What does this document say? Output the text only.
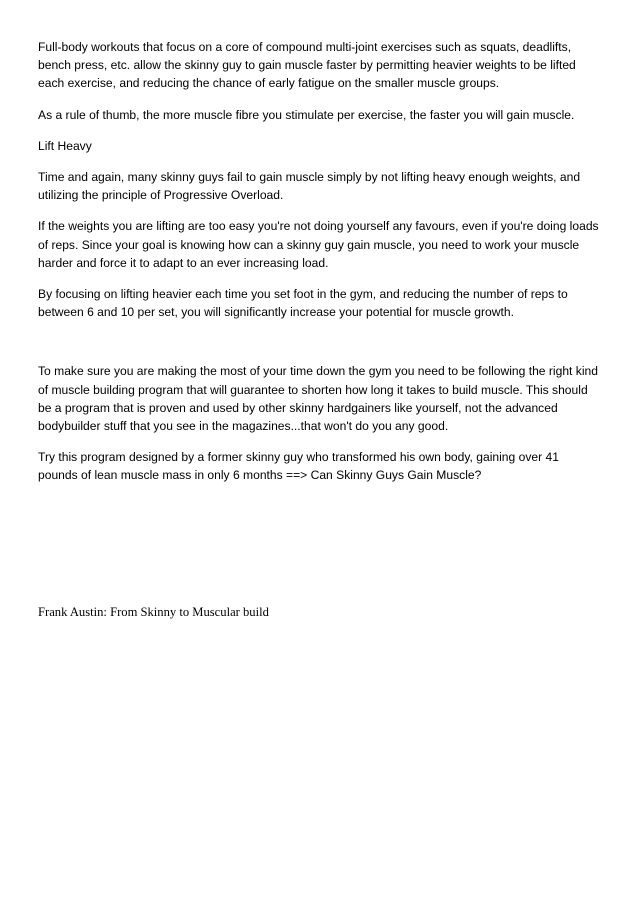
Full-body workouts that focus on a core of compound multi-joint exercises such as squats, deadlifts, bench press, etc. allow the skinny guy to gain muscle faster by permitting heavier weights to be lifted each exercise, and reducing the chance of early fatigue on the smaller muscle groups.

As a rule of thumb, the more muscle fibre you stimulate per exercise, the faster you will gain muscle.

Lift Heavy

Time and again, many skinny guys fail to gain muscle simply by not lifting heavy enough weights, and utilizing the principle of Progressive Overload.

If the weights you are lifting are too easy you're not doing yourself any favours, even if you're doing loads of reps. Since your goal is knowing how can a skinny guy gain muscle, you need to work your muscle harder and force it to adapt to an ever increasing load.

By focusing on lifting heavier each time you set foot in the gym, and reducing the number of reps to between 6 and 10 per set, you will significantly increase your potential for muscle growth.

To make sure you are making the most of your time down the gym you need to be following the right kind of muscle building program that will guarantee to shorten how long it takes to build muscle. This should be a program that is proven and used by other skinny hardgainers like yourself, not the advanced bodybuilder stuff that you see in the magazines...that won't do you any good.

Try this program designed by a former skinny guy who transformed his own body, gaining over 41 pounds of lean muscle mass in only 6 months ==> Can Skinny Guys Gain Muscle?

Frank Austin: From Skinny to Muscular build
